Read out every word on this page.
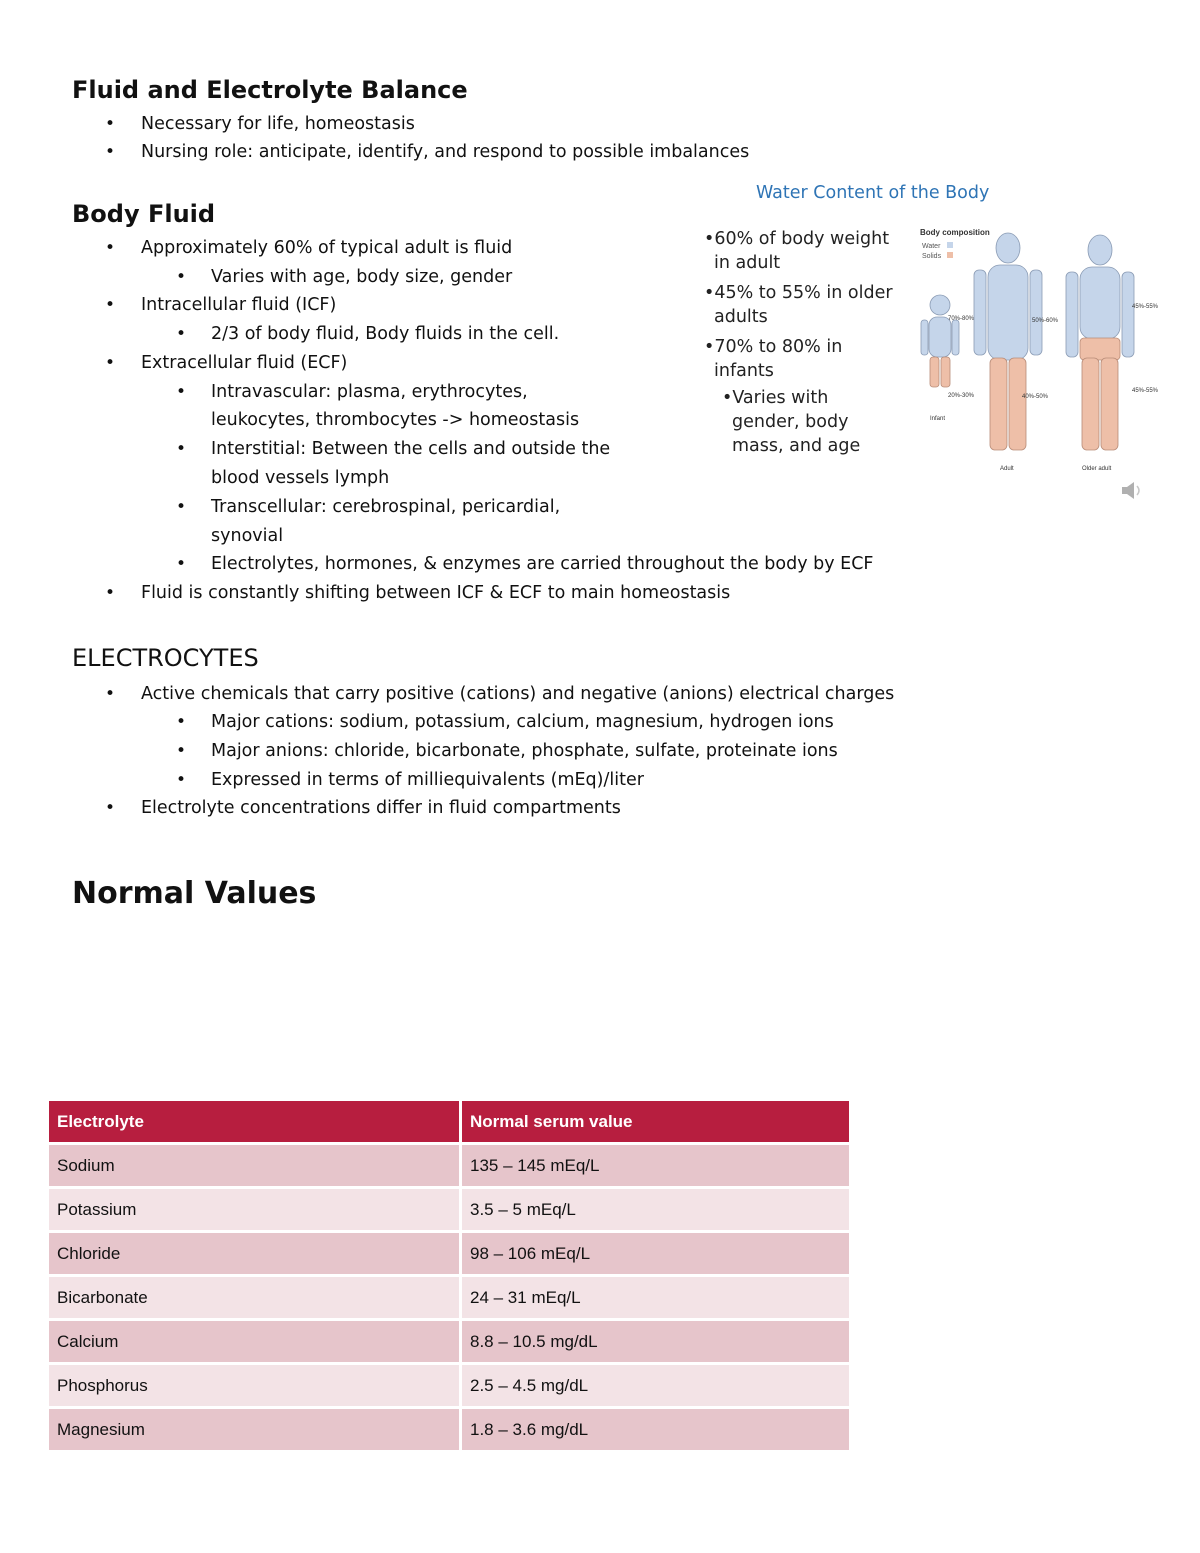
Fluid and Electrolyte Balance
• Necessary for life, homeostasis
• Nursing role: anticipate, identify, and respond to possible imbalances
Body Fluid
• Approximately 60% of typical adult is fluid
• Varies with age, body size, gender
• Intracellular fluid (ICF)
• 2/3 of body fluid, Body fluids in the cell.
• Extracellular fluid (ECF)
• Intravascular: plasma, erythrocytes,
leukocytes, thrombocytes -> homeostasis
• Interstitial: Between the cells and outside the
blood vessels lymph
• Transcellular: cerebrospinal, pericardial,
synovial
• Electrolytes, hormones, & enzymes are carried throughout the body by ECF
• Fluid is constantly shifting between ICF & ECF to main homeostasis
Water Content of the Body
•60% of body weight
in adult
•45% to 55% in older
adults
•70% to 80% in
infants
•Varies with
gender, body
mass, and age
Body composition
Water
Solids
70%-80%
20%-30%
Infant
50%-60%
40%-50%
Adult
45%-55%
45%-55%
Older adult
ELECTROCYTES
• Active chemicals that carry positive (cations) and negative (anions) electrical charges
• Major cations: sodium, potassium, calcium, magnesium, hydrogen ions
• Major anions: chloride, bicarbonate, phosphate, sulfate, proteinate ions
• Expressed in terms of milliequivalents (mEq)/liter
• Electrolyte concentrations differ in fluid compartments
Normal Values
Electrolyte	Normal serum value
Sodium	135 – 145 mEq/L
Potassium	3.5 – 5 mEq/L
Chloride	98 – 106 mEq/L
Bicarbonate	24 – 31 mEq/L
Calcium	8.8 – 10.5 mg/dL
Phosphorus	2.5 – 4.5 mg/dL
Magnesium	1.8 – 3.6 mg/dL
